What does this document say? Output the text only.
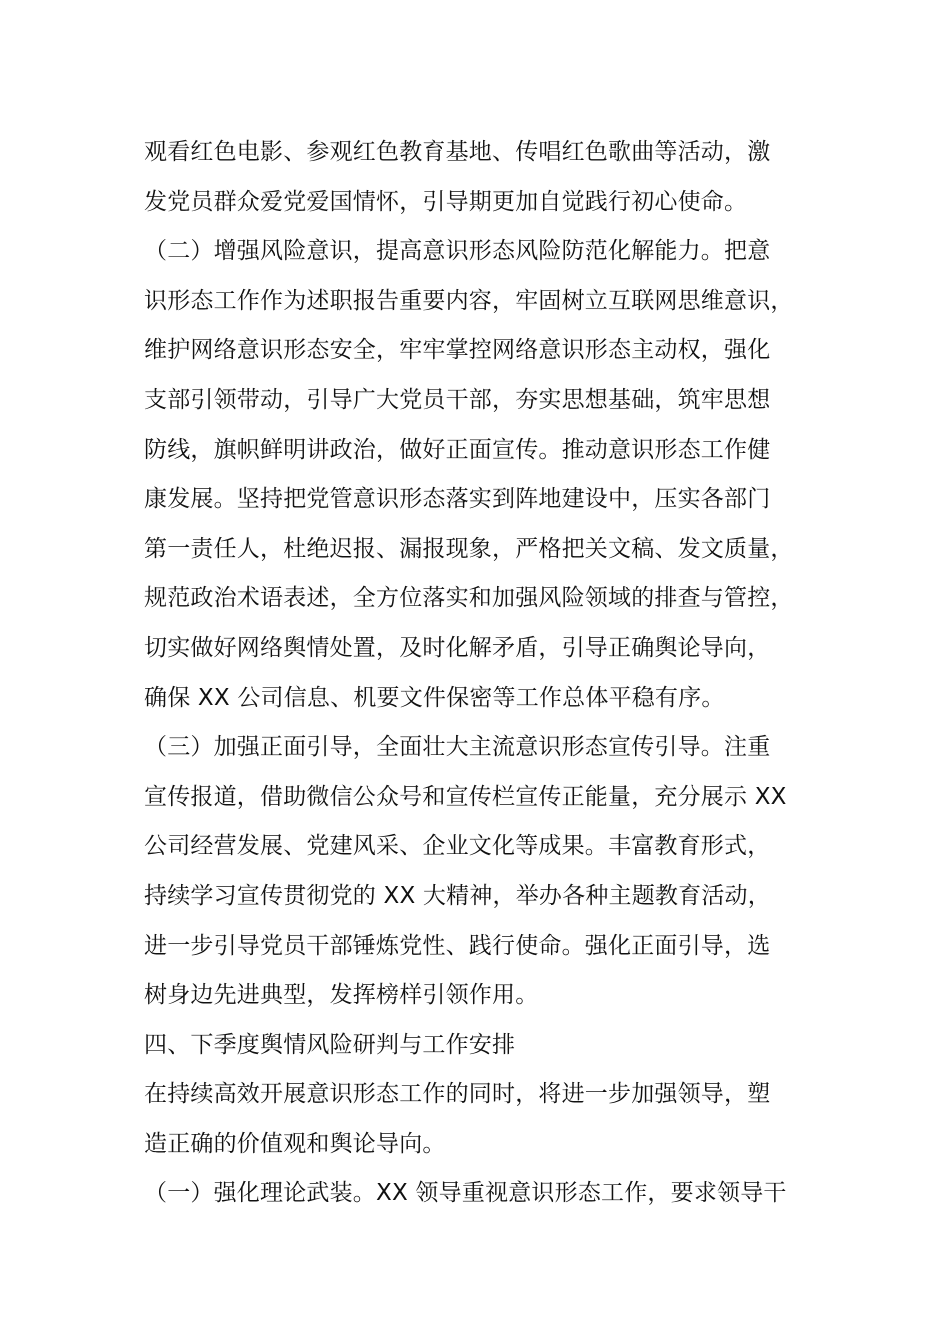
观看红色电影、参观红色教育基地、传唱红色歌曲等活动，激
发党员群众爱党爱国情怀，引导期更加自觉践行初心使命。
（二）增强风险意识，提高意识形态风险防范化解能力。把意
识形态工作作为述职报告重要内容，牢固树立互联网思维意识，
维护网络意识形态安全，牢牢掌控网络意识形态主动权，强化
支部引领带动，引导广大党员干部，夯实思想基础，筑牢思想
防线，旗帜鲜明讲政治，做好正面宣传。推动意识形态工作健
康发展。坚持把党管意识形态落实到阵地建设中，压实各部门
第一责任人，杜绝迟报、漏报现象，严格把关文稿、发文质量，
规范政治术语表述，全方位落实和加强风险领域的排查与管控，
切实做好网络舆情处置，及时化解矛盾，引导正确舆论导向，
确保 XX 公司信息、机要文件保密等工作总体平稳有序。
（三）加强正面引导，全面壮大主流意识形态宣传引导。注重
宣传报道，借助微信公众号和宣传栏宣传正能量，充分展示 XX
公司经营发展、党建风采、企业文化等成果。丰富教育形式，
持续学习宣传贯彻党的 XX 大精神，举办各种主题教育活动，
进一步引导党员干部锤炼党性、践行使命。强化正面引导，选
树身边先进典型，发挥榜样引领作用。
四、下季度舆情风险研判与工作安排
在持续高效开展意识形态工作的同时，将进一步加强领导，塑
造正确的价值观和舆论导向。
（一）强化理论武装。XX 领导重视意识形态工作，要求领导干
